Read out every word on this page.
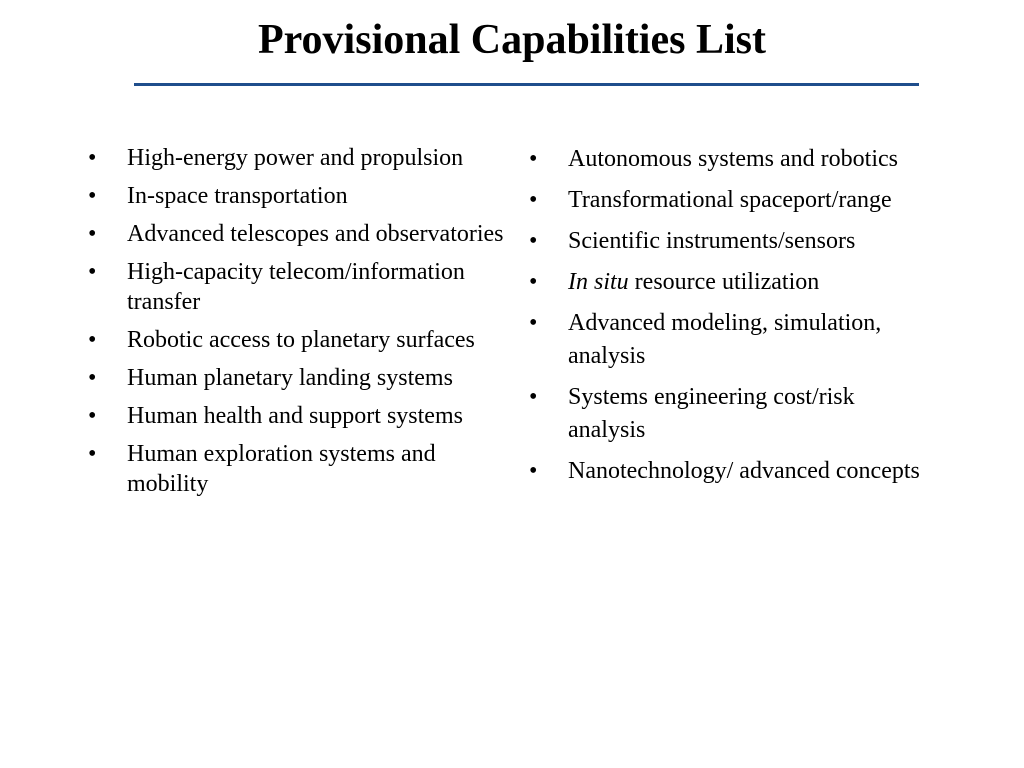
Provisional Capabilities List
• High-energy power and propulsion
• In-space transportation
• Advanced telescopes and observatories
• High-capacity telecom/information transfer
• Robotic access to planetary surfaces
• Human planetary landing systems
• Human health and support systems
• Human exploration systems and mobility
• Autonomous systems and robotics
• Transformational spaceport/range
• Scientific instruments/sensors
• In situ resource utilization
• Advanced modeling, simulation, analysis
• Systems engineering cost/risk analysis
• Nanotechnology/ advanced concepts
